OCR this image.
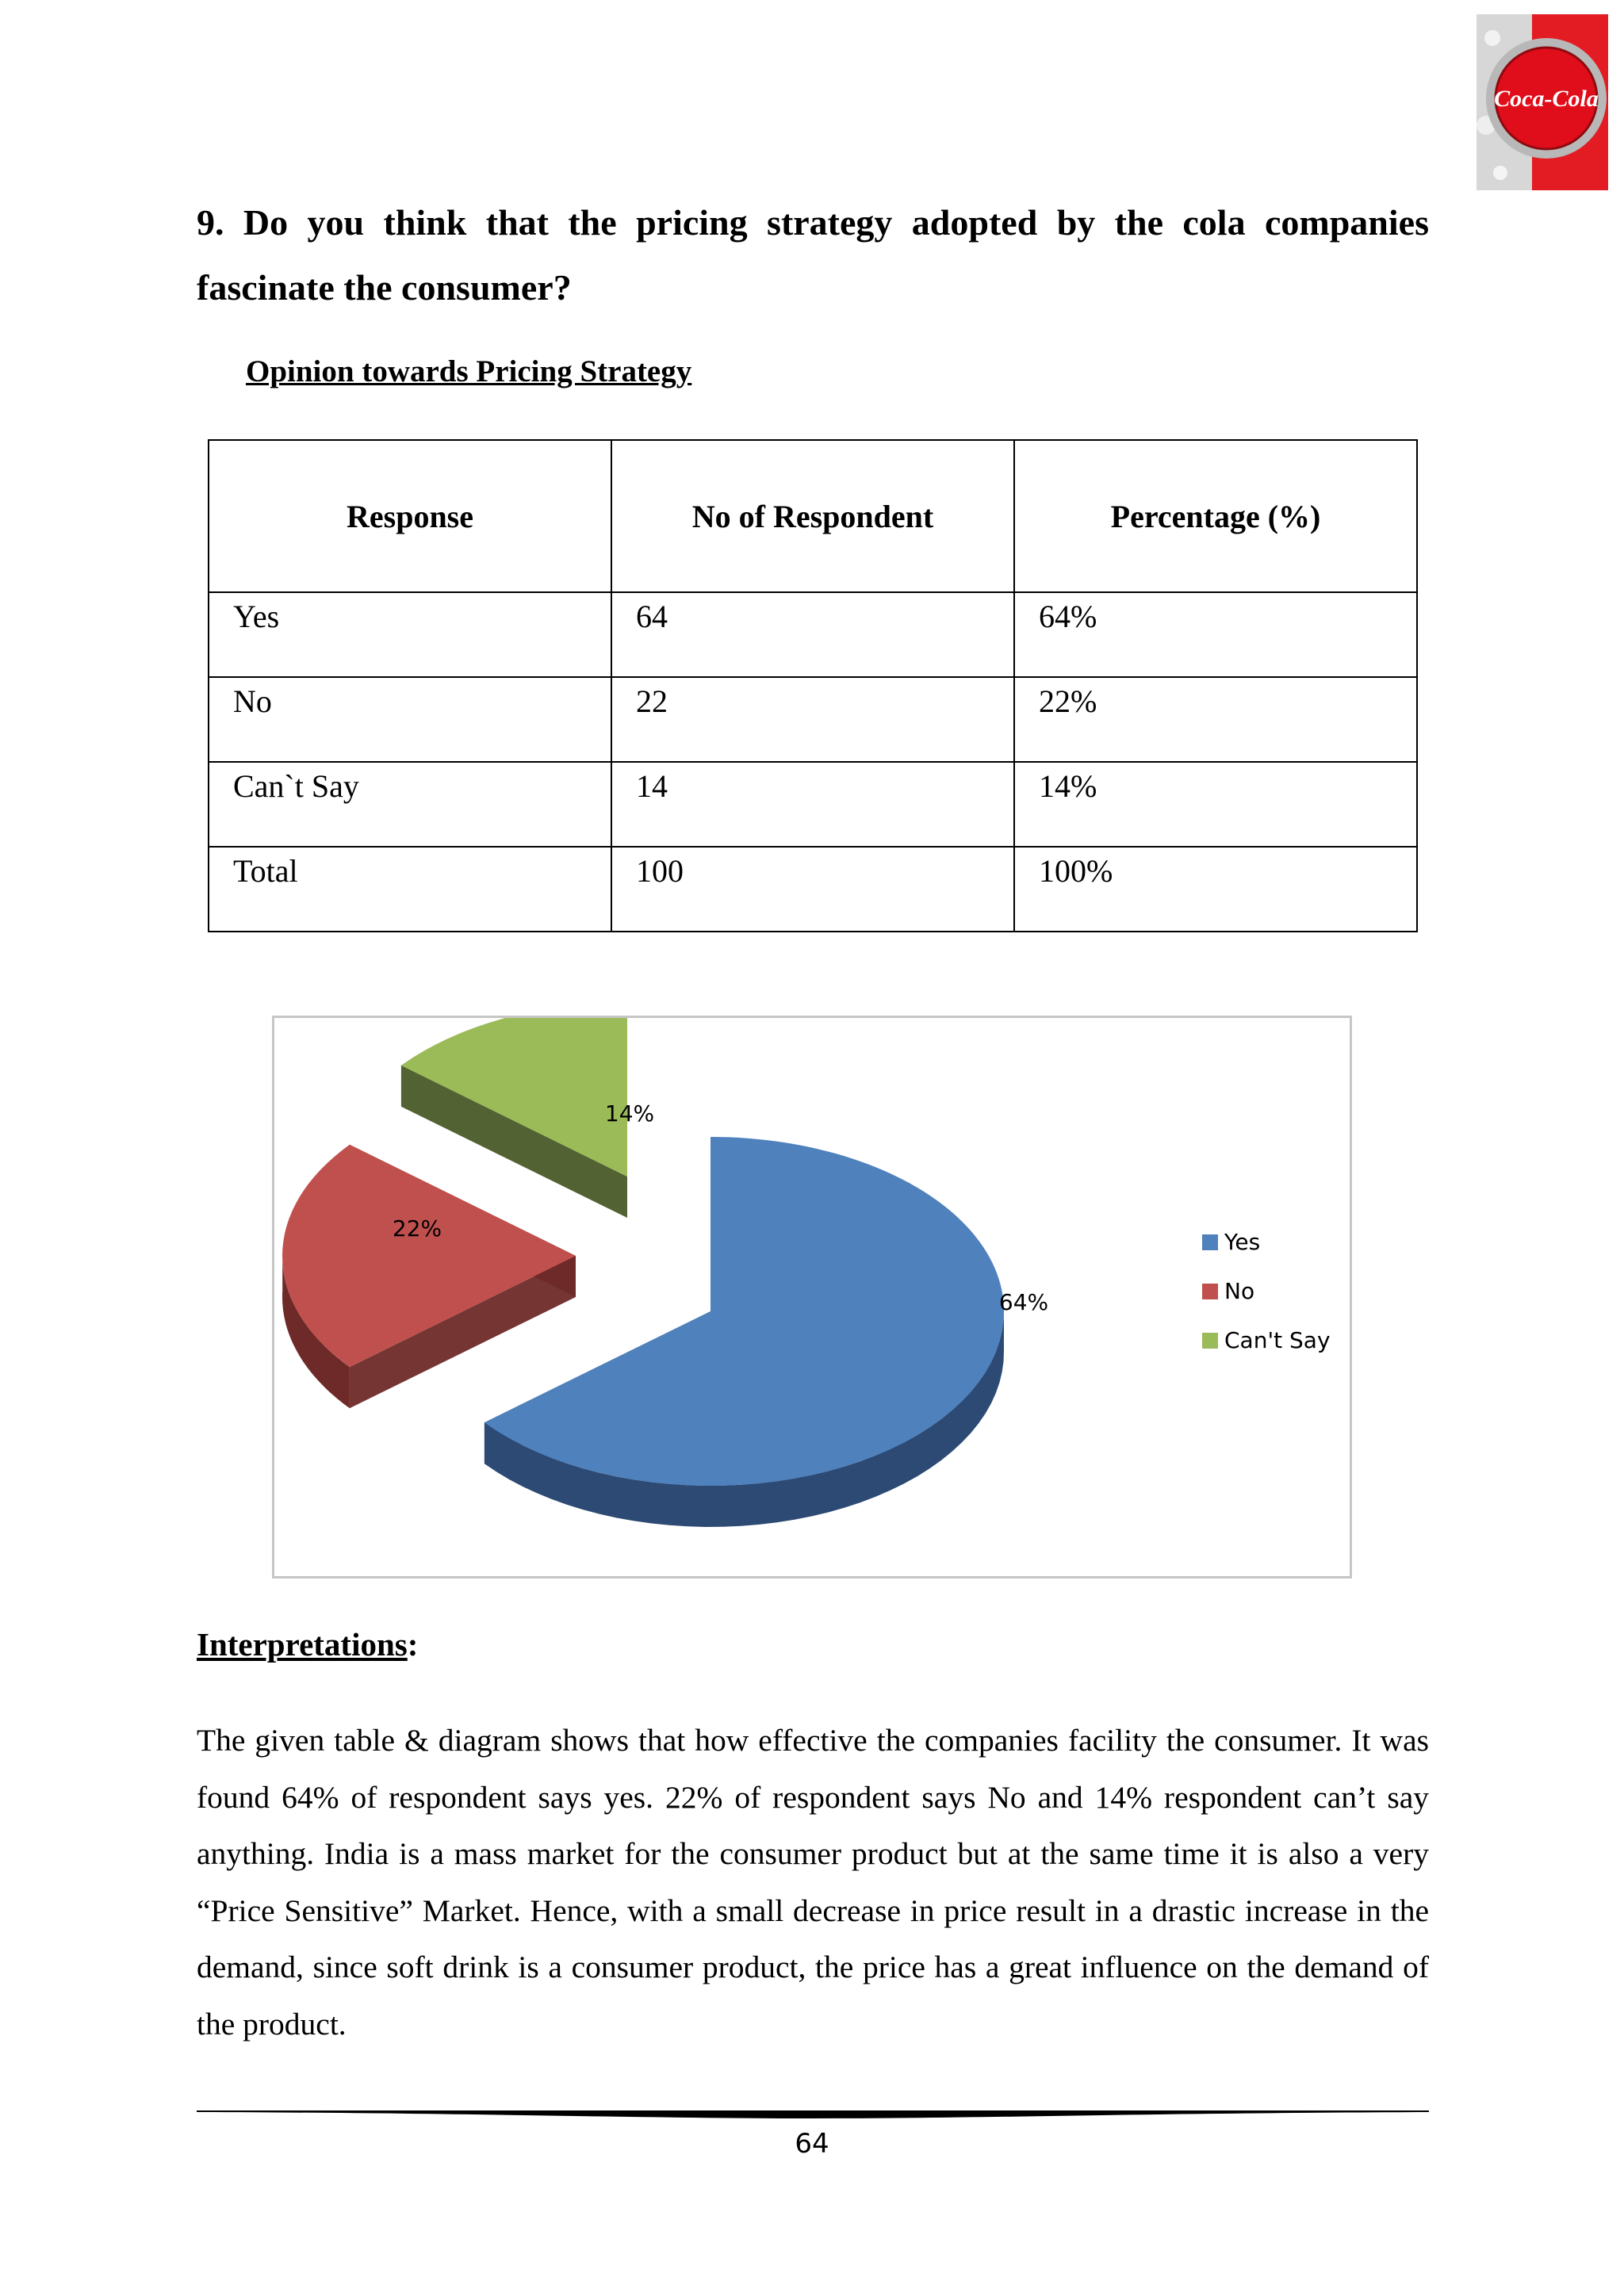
Coca-Cola

9. Do you think that the pricing strategy adopted by the cola companies fascinate the consumer?

Opinion towards Pricing Strategy

Response	No of Respondent	Percentage (%)
Yes	64	64%
No	22	22%
Can`t Say	14	14%
Total	100	100%
64%
22%
14%
Yes
No
Can't Say

Interpretations:

The given table & diagram shows that how effective the companies facility the consumer. It was found 64% of respondent says yes. 22% of respondent says No and 14% respondent can’t say anything. India is a mass market for the consumer product but at the same time it is also a very “Price Sensitive” Market. Hence, with a small decrease in price result in a drastic increase in the demand, since soft drink is a consumer product, the price has a great influence on the demand of the product.

64
